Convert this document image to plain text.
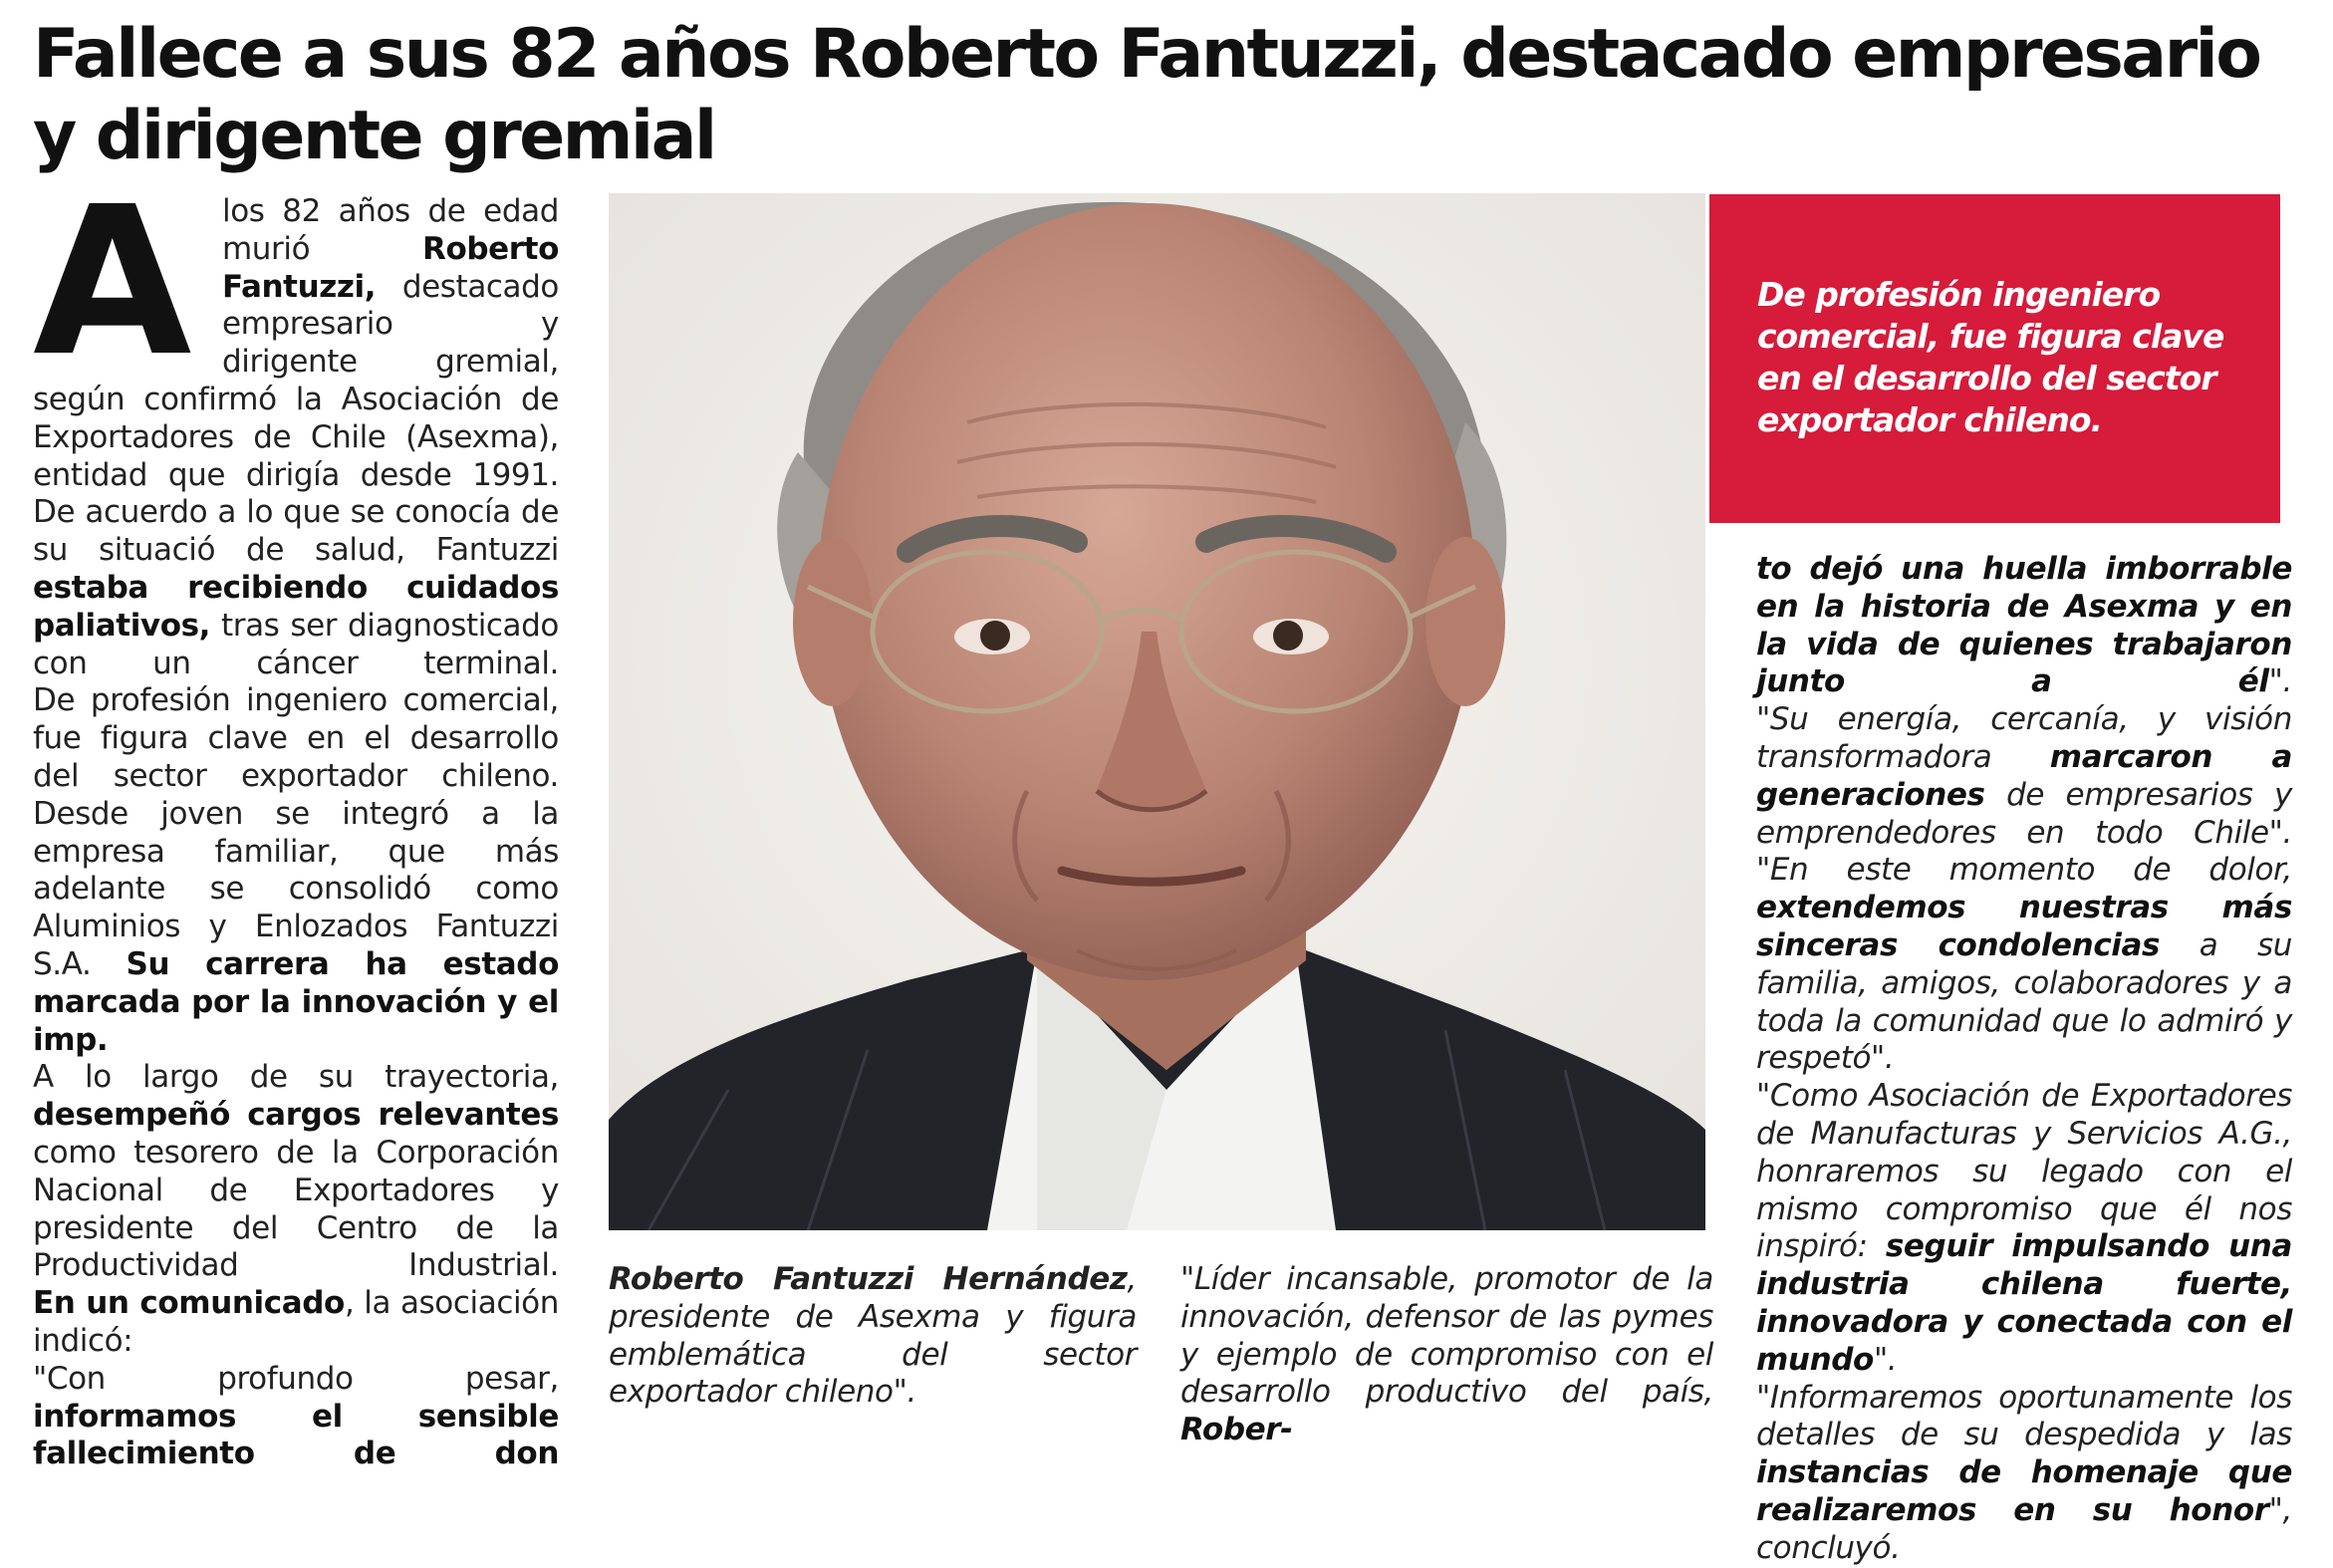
Fallece a sus 82 años Roberto Fantuzzi, destacado empresario y dirigente gremial
A	los 82 años de edad murió Roberto Fantuzzi, destacado empresario y dirigente gremial, según confirmó la Asociación de Exportadores de Chile (Asexma), entidad que dirigía desde 1991.

De acuerdo a lo que se conocía de su situació de salud, Fantuzzi estaba recibiendo cuidados paliativos, tras ser diagnosticado con un cáncer terminal.

De profesión ingeniero comercial, fue figura clave en el desarrollo del sector exportador chileno. Desde joven se integró a la empresa familiar, que más adelante se consolidó como Aluminios y Enlozados Fantuzzi S.A. Su carrera ha estado marcada por la innovación y el imp.

A lo largo de su trayectoria, desempeñó cargos relevantes como tesorero de la Corporación Nacional de Exportadores y presidente del Centro de la Productividad Industrial.

En un comunicado, la asociación indicó:

"Con profundo pesar, informamos el sensible fallecimiento de don

Roberto Fantuzzi Hernández, presidente de Asexma y figura emblemática del sector exportador chileno".

"Líder incansable, promotor de la innovación, defensor de las pymes y ejemplo de compromiso con el desarrollo productivo del país, Rober-

De profesión ingeniero comercial, fue figura clave en el desarrollo del sector exportador chileno.

to dejó una huella imborrable en la historia de Asexma y en la vida de quienes trabajaron junto a él".

"Su energía, cercanía, y visión transformadora marcaron a generaciones de empresarios y emprendedores en todo Chile".

"En este momento de dolor, extendemos nuestras más sinceras condolencias a su familia, amigos, colaboradores y a toda la comunidad que lo admiró y respetó".

"Como Asociación de Exportadores de Manufacturas y Servicios A.G., honraremos su legado con el mismo compromiso que él nos inspiró: seguir impulsando una industria chilena fuerte, innovadora y conectada con el mundo".

"Informaremos oportunamente los detalles de su despedida y las instancias de homenaje que realizaremos en su honor", concluyó.
